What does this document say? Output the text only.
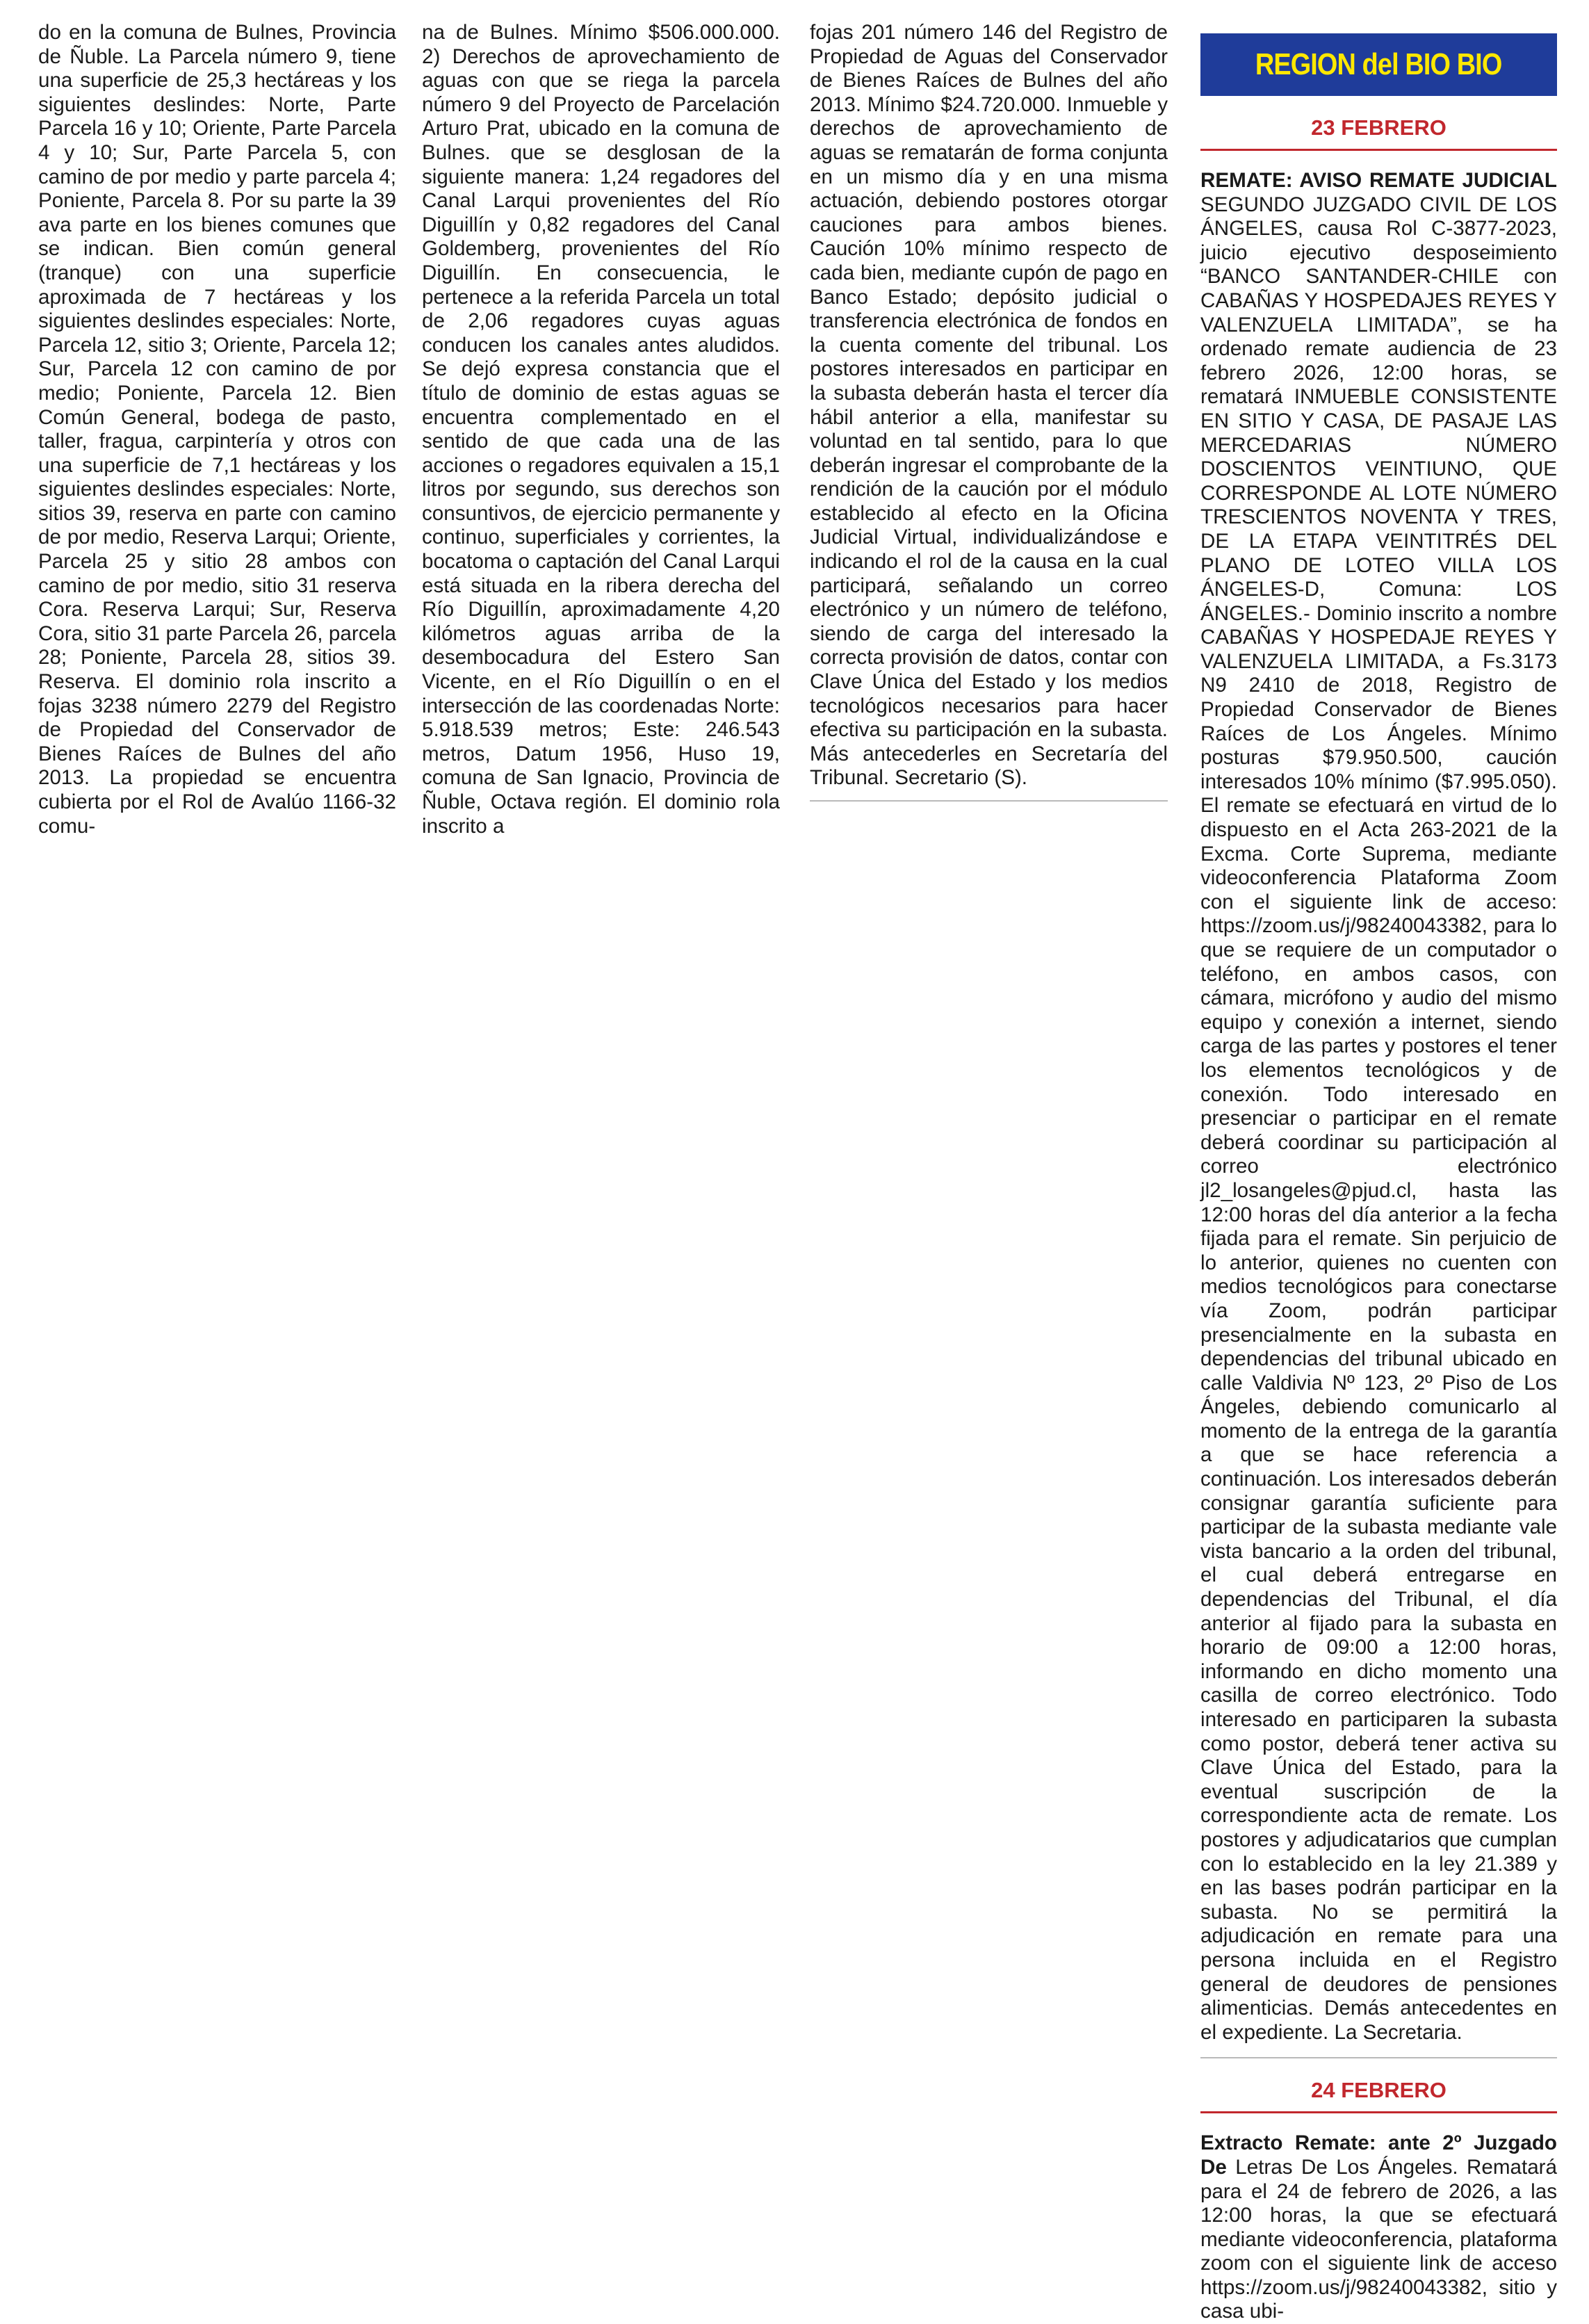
do en la comuna de Bulnes, Provincia de Ñuble. La Parcela número 9, tiene una superficie de 25,3 hectáreas y los siguientes deslindes: Norte, Parte Parcela 16 y 10; Oriente, Parte Parcela 4 y 10; Sur, Parte Parcela 5, con camino de por medio y parte parcela 4; Poniente, Parcela 8. Por su parte la 39 ava parte en los bienes comunes que se indican. Bien común general (tranque) con una superficie aproximada de 7 hectáreas y los siguientes deslindes especiales: Norte, Parcela 12, sitio 3; Oriente, Parcela 12; Sur, Parcela 12 con camino de por medio; Poniente, Parcela 12. Bien Común General, bodega de pasto, taller, fragua, carpintería y otros con una superficie de 7,1 hectáreas y los siguientes deslindes especiales: Norte, sitios 39, reserva en parte con camino de por medio, Reserva Larqui; Oriente, Parcela 25 y sitio 28 ambos con camino de por medio, sitio 31 reserva Cora. Reserva Larqui; Sur, Reserva Cora, sitio 31 parte Parcela 26, parcela 28; Poniente, Parcela 28, sitios 39. Reserva. El dominio rola inscrito a fojas 3238 número 2279 del Registro de Propiedad del Conservador de Bienes Raíces de Bulnes del año 2013. La propiedad se encuentra cubierta por el Rol de Avalúo 1166-32 comu-

na de Bulnes. Mínimo $506.000.000. 2) Derechos de aprovechamiento de aguas con que se riega la parcela número 9 del Proyecto de Parcelación Arturo Prat, ubicado en la comuna de Bulnes. que se desglosan de la siguiente manera: 1,24 regadores del Canal Larqui provenientes del Río Diguillín y 0,82 regadores del Canal Goldemberg, provenientes del Río Diguillín. En consecuencia, le pertenece a la referida Parcela un total de 2,06 regadores cuyas aguas conducen los canales antes aludidos. Se dejó expresa constancia que el título de dominio de estas aguas se encuentra complementado en el sentido de que cada una de las acciones o regadores equivalen a 15,1 litros por segundo, sus derechos son consuntivos, de ejercicio permanente y continuo, superficiales y corrientes, la bocatoma o captación del Canal Larqui está situada en la ribera derecha del Río Diguillín, aproximadamente 4,20 kilómetros aguas arriba de la desembocadura del Estero San Vicente, en el Río Diguillín o en el intersección de las coordenadas Norte: 5.918.539 metros; Este: 246.543 metros, Datum 1956, Huso 19, comuna de San Ignacio, Provincia de Ñuble, Octava región. El dominio rola inscrito a

fojas 201 número 146 del Registro de Propiedad de Aguas del Conservador de Bienes Raíces de Bulnes del año 2013. Mínimo $24.720.000. Inmueble y derechos de aprovechamiento de aguas se rematarán de forma conjunta en un mismo día y en una misma actuación, debiendo postores otorgar cauciones para ambos bienes. Caución 10% mínimo respecto de cada bien, mediante cupón de pago en Banco Estado; depósito judicial o transferencia electrónica de fondos en la cuenta comente del tribunal. Los postores interesados en participar en la subasta deberán hasta el tercer día hábil anterior a ella, manifestar su voluntad en tal sentido, para lo que deberán ingresar el comprobante de la rendición de la caución por el módulo establecido al efecto en la Oficina Judicial Virtual, individualizándose e indicando el rol de la causa en la cual participará, señalando un correo electrónico y un número de teléfono, siendo de carga del interesado la correcta provisión de datos, contar con Clave Única del Estado y los medios tecnológicos necesarios para hacer efectiva su participación en la subasta. Más antecederles en Secretaría del Tribunal. Secretario (S).

REGION del BIO BIO
23 FEBRERO

REMATE: AVISO REMATE JUDICIAL SEGUNDO JUZGADO CIVIL DE LOS ÁNGELES, causa Rol C-3877-2023, juicio ejecutivo desposeimiento “BANCO SANTANDER-CHILE con CABAÑAS Y HOSPEDAJES REYES Y VALENZUELA LIMITADA”, se ha ordenado remate audiencia de 23 febrero 2026, 12:00 horas, se rematará INMUEBLE CONSISTENTE EN SITIO Y CASA, DE PASAJE LAS MERCEDARIAS NÚMERO DOSCIENTOS VEINTIUNO, QUE CORRESPONDE AL LOTE NÚMERO TRESCIENTOS NOVENTA Y TRES, DE LA ETAPA VEINTITRÉS DEL PLANO DE LOTEO VILLA LOS ÁNGELES-D, Comuna: LOS ÁNGELES.- Dominio inscrito a nombre CABAÑAS Y HOSPEDAJE REYES Y VALENZUELA LIMITADA, a Fs.3173 N9 2410 de 2018, Registro de Propiedad Conservador de Bienes Raíces de Los Ángeles. Mínimo posturas $79.950.500, caución interesados 10% mínimo ($7.995.050). El remate se efectuará en virtud de lo dispuesto en el Acta 263-2021 de la Excma. Corte Suprema, mediante videoconferencia Plataforma Zoom con el siguiente link de acceso: https://zoom.us/j/98240043382, para lo que se requiere de un computador o teléfono, en ambos casos, con cámara, micrófono y audio del mismo equipo y conexión a internet, siendo carga de las partes y postores el tener los elementos tecnológicos y de conexión. Todo interesado en presenciar o participar en el remate deberá coordinar su participación al correo electrónico jl2_losangeles@pjud.cl, hasta las 12:00 horas del día anterior a la fecha fijada para el remate. Sin perjuicio de lo anterior, quienes no cuenten con medios tecnológicos para conectarse vía Zoom, podrán participar presencialmente en la subasta en dependencias del tribunal ubicado en calle Valdivia Nº 123, 2º Piso de Los Ángeles, debiendo comunicarlo al momento de la entrega de la garantía a que se hace referencia a continuación. Los interesados deberán consignar garantía suficiente para participar de la subasta mediante vale vista bancario a la orden del tribunal, el cual deberá entregarse en dependencias del Tribunal, el día anterior al fijado para la subasta en horario de 09:00 a 12:00 horas, informando en dicho momento una casilla de correo electrónico. Todo interesado en participaren la subasta como postor, deberá tener activa su Clave Única del Estado, para la eventual suscripción de la correspondiente acta de remate. Los postores y adjudicatarios que cumplan con lo establecido en la ley 21.389 y en las bases podrán participar en la subasta. No se permitirá la adjudicación en remate para una persona incluida en el Registro general de deudores de pensiones alimenticias. Demás antecedentes en el expediente. La Secretaria.

24 FEBRERO

Extracto Remate: ante 2º Juzgado De Letras De Los Ángeles. Rematará para el 24 de febrero de 2026, a las 12:00 horas, la que se efectuará mediante videoconferencia, plataforma zoom con el siguiente link de acceso https://zoom.us/j/98240043382, sitio y casa ubi-
